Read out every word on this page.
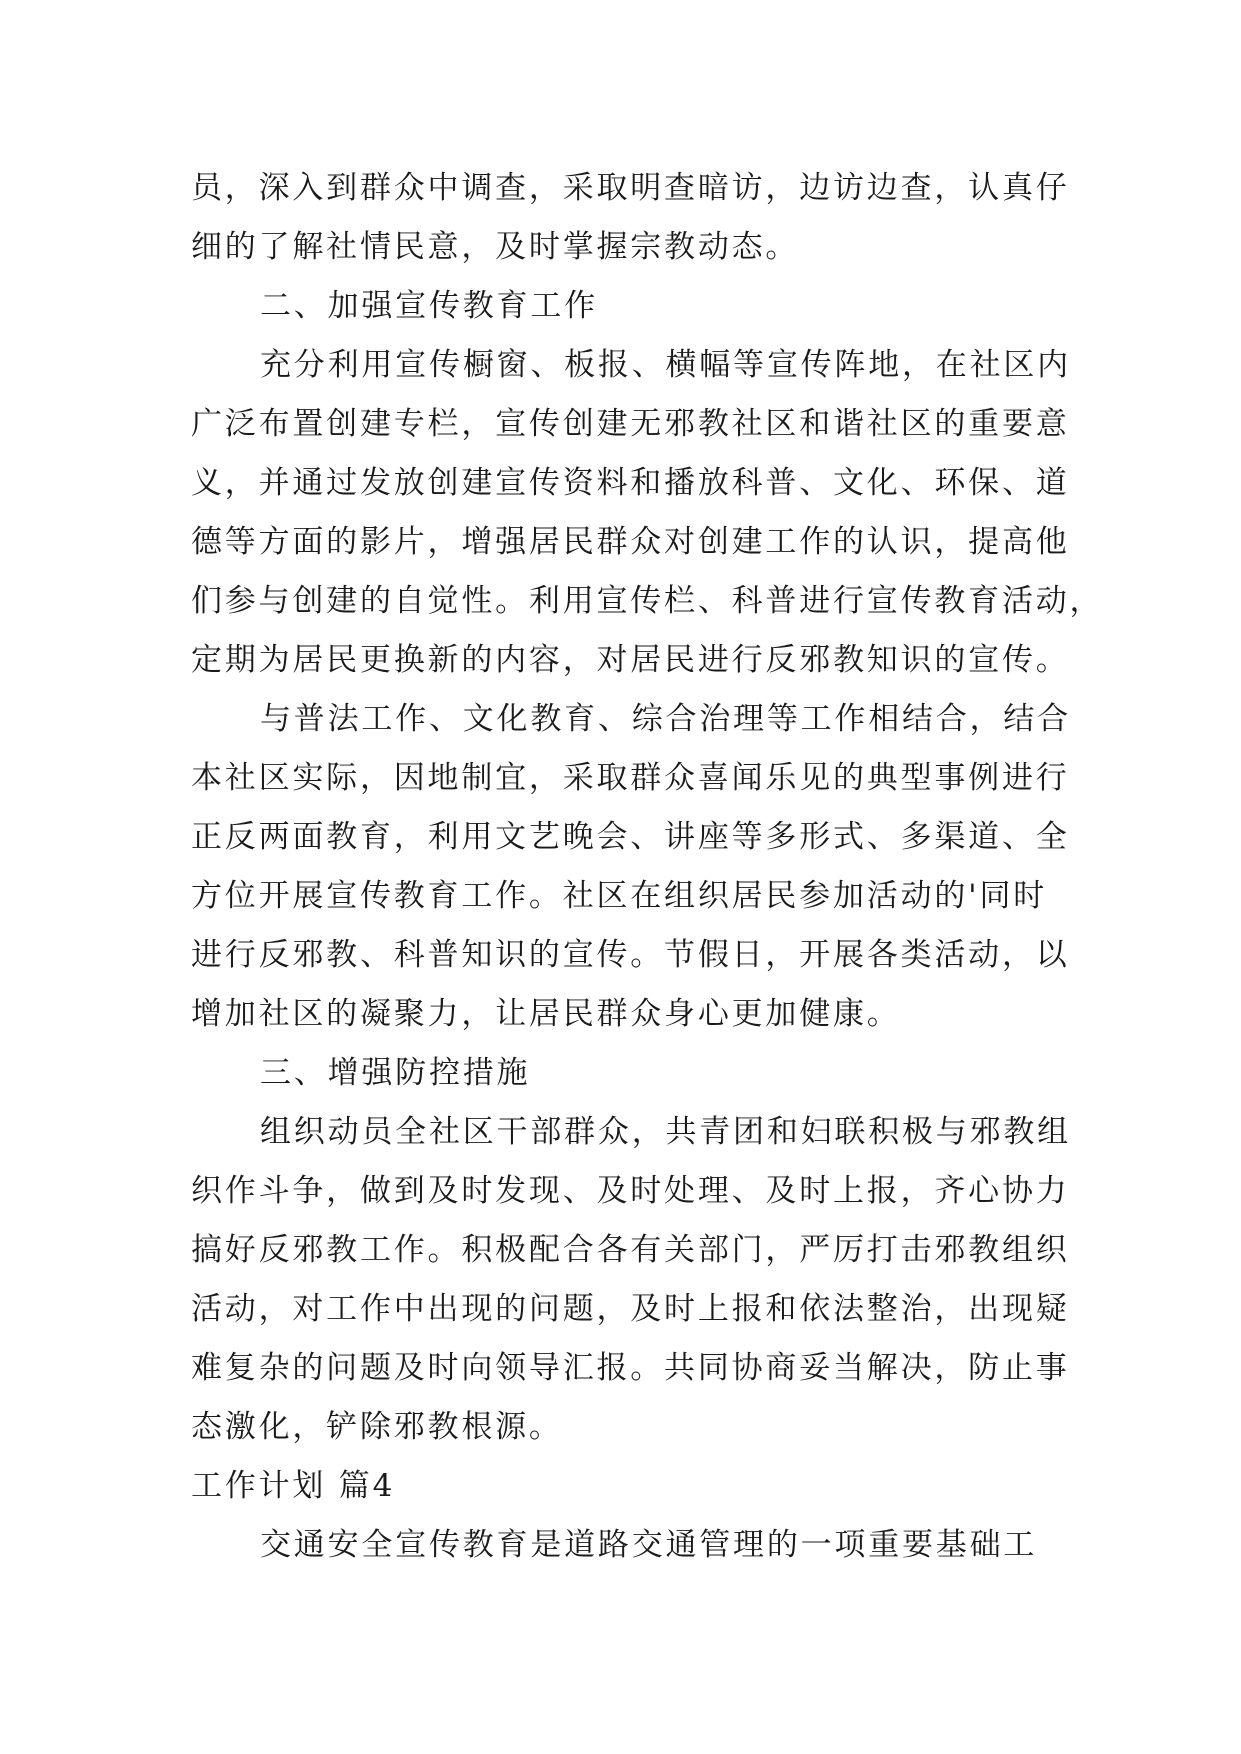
员，深入到群众中调查，采取明查暗访，边访边查，认真仔
细的了解社情民意，及时掌握宗教动态。
二、加强宣传教育工作
充分利用宣传橱窗、板报、横幅等宣传阵地，在社区内
广泛布置创建专栏，宣传创建无邪教社区和谐社区的重要意
义，并通过发放创建宣传资料和播放科普、文化、环保、道
德等方面的影片，增强居民群众对创建工作的认识，提高他
们参与创建的自觉性。利用宣传栏、科普进行宣传教育活动，
定期为居民更换新的内容，对居民进行反邪教知识的宣传。
与普法工作、文化教育、综合治理等工作相结合，结合
本社区实际，因地制宜，采取群众喜闻乐见的典型事例进行
正反两面教育，利用文艺晚会、讲座等多形式、多渠道、全
方位开展宣传教育工作。社区在组织居民参加活动的'同时
进行反邪教、科普知识的宣传。节假日，开展各类活动，以
增加社区的凝聚力，让居民群众身心更加健康。
三、增强防控措施
组织动员全社区干部群众，共青团和妇联积极与邪教组
织作斗争，做到及时发现、及时处理、及时上报，齐心协力
搞好反邪教工作。积极配合各有关部门，严厉打击邪教组织
活动，对工作中出现的问题，及时上报和依法整治，出现疑
难复杂的问题及时向领导汇报。共同协商妥当解决，防止事
态激化，铲除邪教根源。
工作计划 篇4
交通安全宣传教育是道路交通管理的一项重要基础工
